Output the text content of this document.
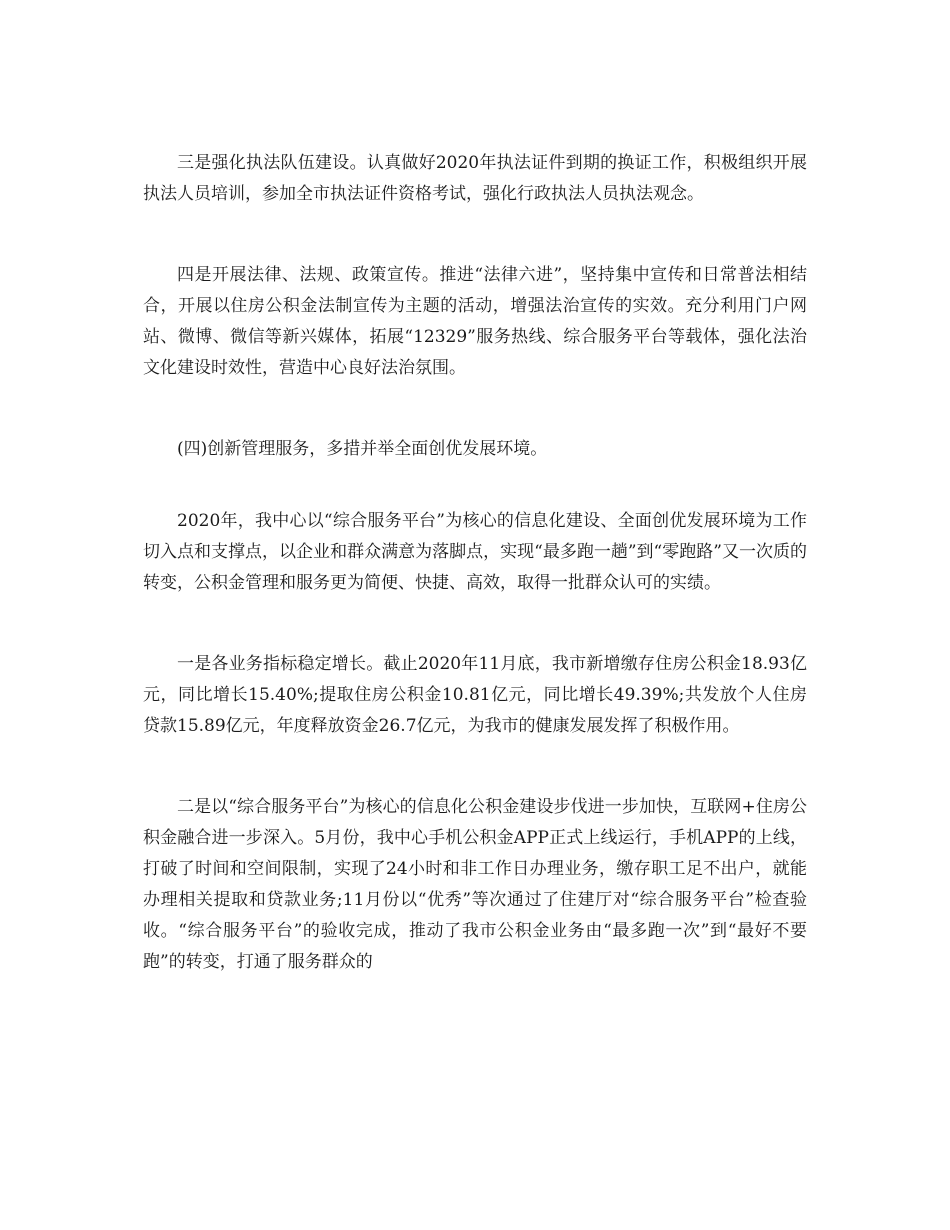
三是强化执法队伍建设。认真做好2020年执法证件到期的换证工作，积极组织开展执法人员培训，参加全市执法证件资格考试，强化行政执法人员执法观念。

四是开展法律、法规、政策宣传。推进“法律六进”，坚持集中宣传和日常普法相结合，开展以住房公积金法制宣传为主题的活动，增强法治宣传的实效。充分利用门户网站、微博、微信等新兴媒体，拓展“12329”服务热线、综合服务平台等载体，强化法治文化建设时效性，营造中心良好法治氛围。

(四)创新管理服务，多措并举全面创优发展环境。

2020年，我中心以“综合服务平台”为核心的信息化建设、全面创优发展环境为工作切入点和支撑点，以企业和群众满意为落脚点，实现“最多跑一趟”到“零跑路”又一次质的转变，公积金管理和服务更为简便、快捷、高效，取得一批群众认可的实绩。

一是各业务指标稳定增长。截止2020年11月底，我市新增缴存住房公积金18.93亿元，同比增长15.40%;提取住房公积金10.81亿元，同比增长49.39%;共发放个人住房贷款15.89亿元，年度释放资金26.7亿元，为我市的健康发展发挥了积极作用。

二是以“综合服务平台”为核心的信息化公积金建设步伐进一步加快，互联网+住房公积金融合进一步深入。5月份，我中心手机公积金APP正式上线运行，手机APP的上线，打破了时间和空间限制，实现了24小时和非工作日办理业务，缴存职工足不出户，就能办理相关提取和贷款业务;11月份以“优秀”等次通过了住建厅对“综合服务平台”检查验收。“综合服务平台”的验收完成，推动了我市公积金业务由“最多跑一次”到“最好不要跑”的转变，打通了服务群众的
